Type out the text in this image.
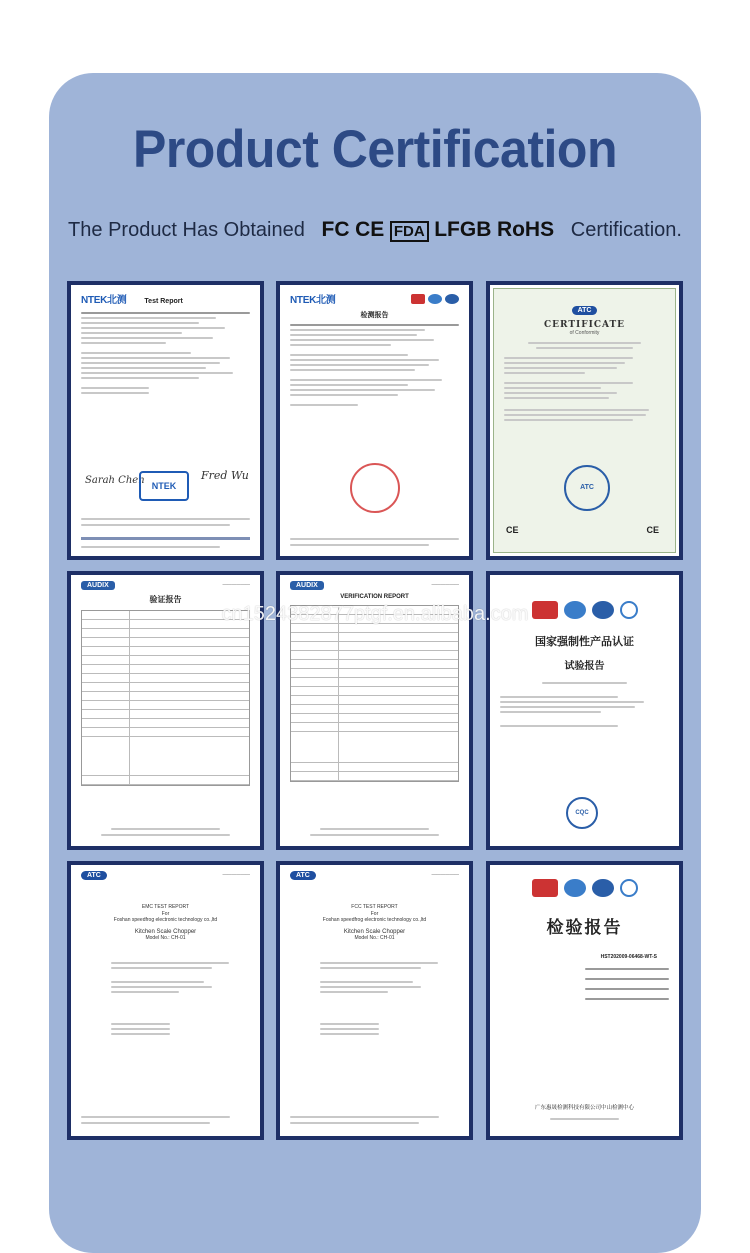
Product Certification
The Product Has Obtained FC CE FDA LFGB RoHS Certification.
NTEK北测	Test Report
Sarah Chen NTEK
Fred Wu
NTEK北测
检测报告
ATC
CERTIFICATE
of Conformity
ATC
CE	CE
AUDIX	——————
验证报告
AUDIX	——————
VERIFICATION REPORT
国家强制性产品认证
试验报告
CQC
ATC	——————
EMC TEST REPORT
For
Foshan speedfrog electronic technology co.,ltd
Kitchen Scale Chopper
Model No.: CH-01
ATC	——————
FCC TEST REPORT
For
Foshan speedfrog electronic technology co.,ltd
Kitchen Scale Chopper
Model No.: CH-01	检验报告
HST202009-06468-WT-S
广东惠晟检测科技有限公司中山检测中心
cn1524382877ptgf.en.alibaba.com
